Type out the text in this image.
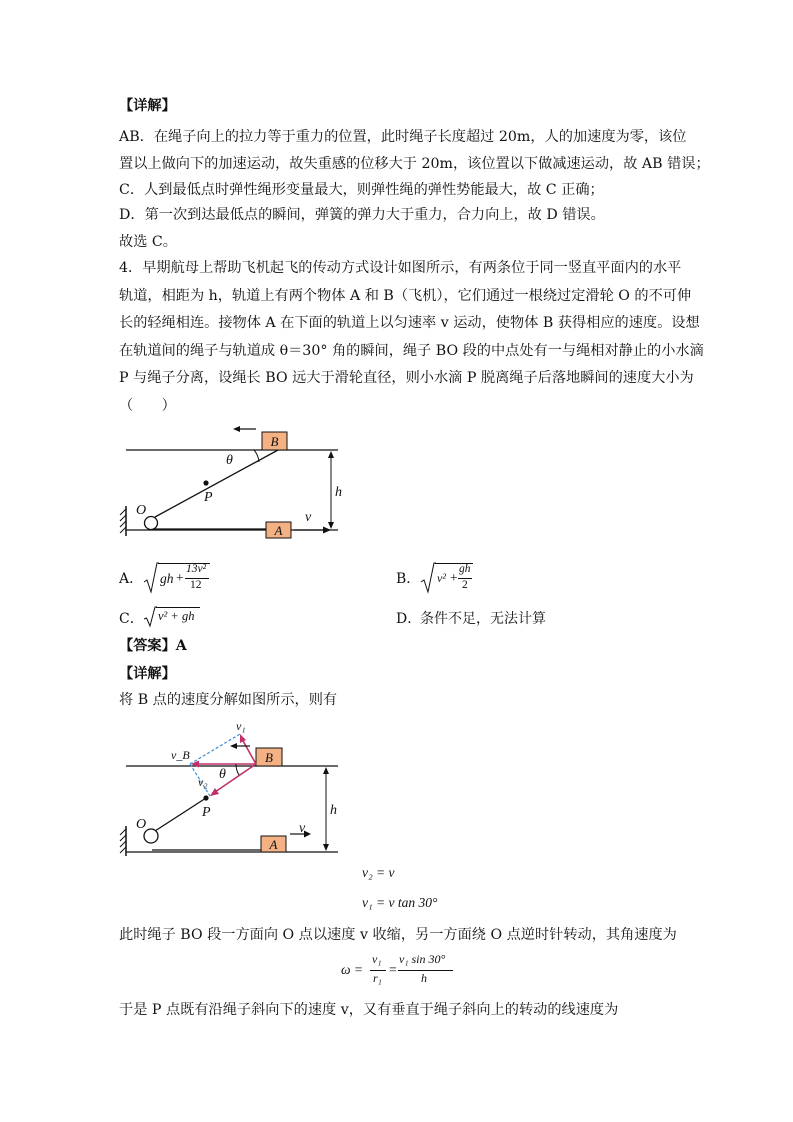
【详解】
AB．在绳子向上的拉力等于重力的位置，此时绳子长度超过 20m，人的加速度为零，该位
置以上做向下的加速运动，故失重感的位移大于 20m，该位置以下做减速运动，故 AB 错误；
C．人到最低点时弹性绳形变量最大，则弹性绳的弹性势能最大，故 C 正确；
D．第一次到达最低点的瞬间，弹簧的弹力大于重力，合力向上，故 D 错误。
故选 C。
4．早期航母上帮助飞机起飞的传动方式设计如图所示，有两条位于同一竖直平面内的水平
轨道，相距为 h，轨道上有两个物体 A 和 B（飞机），它们通过一根绕过定滑轮 O 的不可伸
长的轻绳相连。接物体 A 在下面的轨道上以匀速率 v 运动，使物体 B 获得相应的速度。设想
在轨道间的绳子与轨道成 θ＝30° 角的瞬间，绳子 BO 段的中点处有一与绳相对静止的小水滴
P 与绳子分离，设绳长 BO 远大于滑轮直径，则小水滴 P 脱离绳子后落地瞬间的速度大小为
（　　）
B
A
θ
P
O	v
h
A． gh +
13v²
12	B． v² +
gh
2
C． v² + gh	D．
条件不足，无法计算
【答案】A
【详解】
将 B 点的速度分解如图所示，则有
B
A
θ
v₁
v_B
v₂
P
O	v
h
v₂ = v
v₁ = v tan 30°
此时绳子 BO 段一方面向 O 点以速度 v 收缩，另一方面绕 O 点逆时针转动，其角速度为
ω =
v₁
r₁
=
v₁ sin 30°
h
于是 P 点既有沿绳子斜向下的速度 v，又有垂直于绳子斜向上的转动的线速度为
